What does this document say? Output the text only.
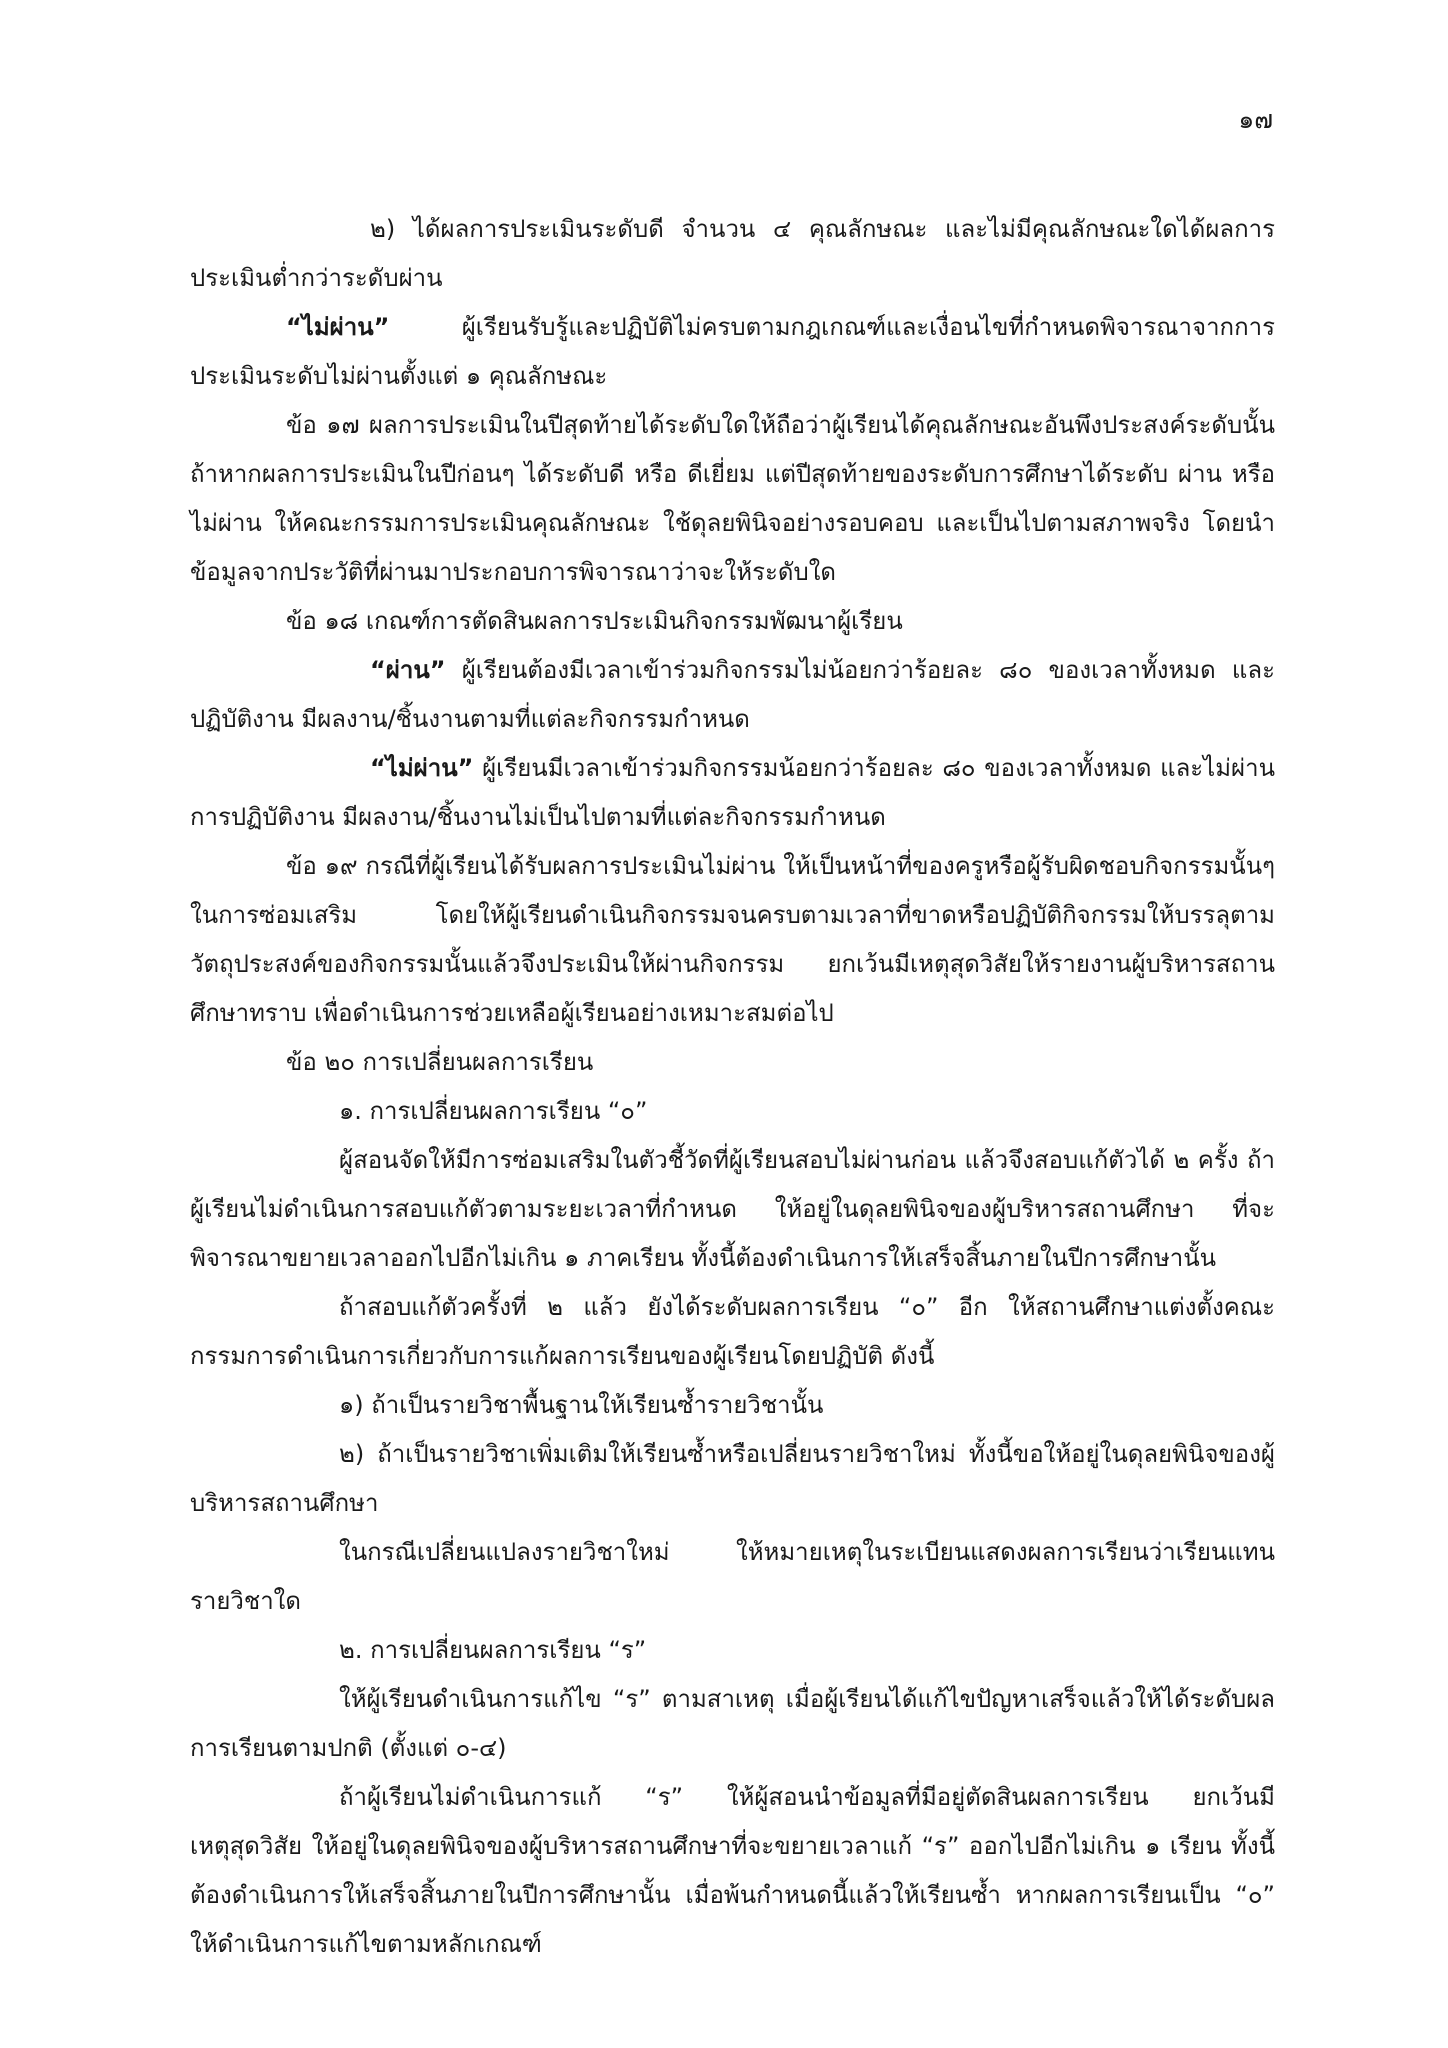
๑๗

๒) ได้ผลการประเมินระดับดี จำนวน ๔ คุณลักษณะ และไม่มีคุณลักษณะใดได้ผลการประเมินต่ำกว่าระดับผ่าน

“ไม่ผ่าน” ผู้เรียนรับรู้และปฏิบัติไม่ครบตามกฎเกณฑ์และเงื่อนไขที่กำหนดพิจารณาจากการประเมินระดับไม่ผ่านตั้งแต่ ๑ คุณลักษณะ

ข้อ ๑๗ ผลการประเมินในปีสุดท้ายได้ระดับใดให้ถือว่าผู้เรียนได้คุณลักษณะอันพึงประสงค์ระดับนั้น ถ้าหากผลการประเมินในปีก่อนๆ ได้ระดับดี หรือ ดีเยี่ยม แต่ปีสุดท้ายของระดับการศึกษาได้ระดับ ผ่าน หรือไม่ผ่าน ให้คณะกรรมการประเมินคุณลักษณะ ใช้ดุลยพินิจอย่างรอบคอบ และเป็นไปตามสภาพจริง โดยนำข้อมูลจากประวัติที่ผ่านมาประกอบการพิจารณาว่าจะให้ระดับใด

ข้อ ๑๘ เกณฑ์การตัดสินผลการประเมินกิจกรรมพัฒนาผู้เรียน

“ผ่าน” ผู้เรียนต้องมีเวลาเข้าร่วมกิจกรรมไม่น้อยกว่าร้อยละ ๘๐ ของเวลาทั้งหมด และปฏิบัติงาน มีผลงาน/ชิ้นงานตามที่แต่ละกิจกรรมกำหนด

“ไม่ผ่าน” ผู้เรียนมีเวลาเข้าร่วมกิจกรรมน้อยกว่าร้อยละ ๘๐ ของเวลาทั้งหมด และไม่ผ่านการปฏิบัติงาน มีผลงาน/ชิ้นงานไม่เป็นไปตามที่แต่ละกิจกรรมกำหนด

ข้อ ๑๙ กรณีที่ผู้เรียนได้รับผลการประเมินไม่ผ่าน ให้เป็นหน้าที่ของครูหรือผู้รับผิดชอบกิจกรรมนั้นๆ ในการซ่อมเสริม โดยให้ผู้เรียนดำเนินกิจกรรมจนครบตามเวลาที่ขาดหรือปฏิบัติกิจกรรมให้บรรลุตามวัตถุประสงค์ของกิจกรรมนั้นแล้วจึงประเมินให้ผ่านกิจกรรม ยกเว้นมีเหตุสุดวิสัยให้รายงานผู้บริหารสถานศึกษาทราบ เพื่อดำเนินการช่วยเหลือผู้เรียนอย่างเหมาะสมต่อไป

ข้อ ๒๐ การเปลี่ยนผลการเรียน

๑. การเปลี่ยนผลการเรียน “๐”

ผู้สอนจัดให้มีการซ่อมเสริมในตัวชี้วัดที่ผู้เรียนสอบไม่ผ่านก่อน แล้วจึงสอบแก้ตัวได้ ๒ ครั้ง ถ้าผู้เรียนไม่ดำเนินการสอบแก้ตัวตามระยะเวลาที่กำหนด ให้อยู่ในดุลยพินิจของผู้บริหารสถานศึกษา ที่จะพิจารณาขยายเวลาออกไปอีกไม่เกิน ๑ ภาคเรียน ทั้งนี้ต้องดำเนินการให้เสร็จสิ้นภายในปีการศึกษานั้น

ถ้าสอบแก้ตัวครั้งที่ ๒ แล้ว ยังได้ระดับผลการเรียน “๐” อีก ให้สถานศึกษาแต่งตั้งคณะกรรมการดำเนินการเกี่ยวกับการแก้ผลการเรียนของผู้เรียนโดยปฏิบัติ ดังนี้

๑) ถ้าเป็นรายวิชาพื้นฐานให้เรียนซ้ำรายวิชานั้น

๒) ถ้าเป็นรายวิชาเพิ่มเติมให้เรียนซ้ำหรือเปลี่ยนรายวิชาใหม่ ทั้งนี้ขอให้อยู่ในดุลยพินิจของผู้บริหารสถานศึกษา

ในกรณีเปลี่ยนแปลงรายวิชาใหม่ ให้หมายเหตุในระเบียนแสดงผลการเรียนว่าเรียนแทนรายวิชาใด

๒. การเปลี่ยนผลการเรียน “ร”

ให้ผู้เรียนดำเนินการแก้ไข “ร” ตามสาเหตุ เมื่อผู้เรียนได้แก้ไขปัญหาเสร็จแล้วให้ได้ระดับผลการเรียนตามปกติ (ตั้งแต่ ๐-๔)

ถ้าผู้เรียนไม่ดำเนินการแก้ “ร” ให้ผู้สอนนำข้อมูลที่มีอยู่ตัดสินผลการเรียน ยกเว้นมีเหตุสุดวิสัย ให้อยู่ในดุลยพินิจของผู้บริหารสถานศึกษาที่จะขยายเวลาแก้ “ร” ออกไปอีกไม่เกิน ๑ เรียน ทั้งนี้ต้องดำเนินการให้เสร็จสิ้นภายในปีการศึกษานั้น เมื่อพ้นกำหนดนี้แล้วให้เรียนซ้ำ หากผลการเรียนเป็น “๐” ให้ดำเนินการแก้ไขตามหลักเกณฑ์
